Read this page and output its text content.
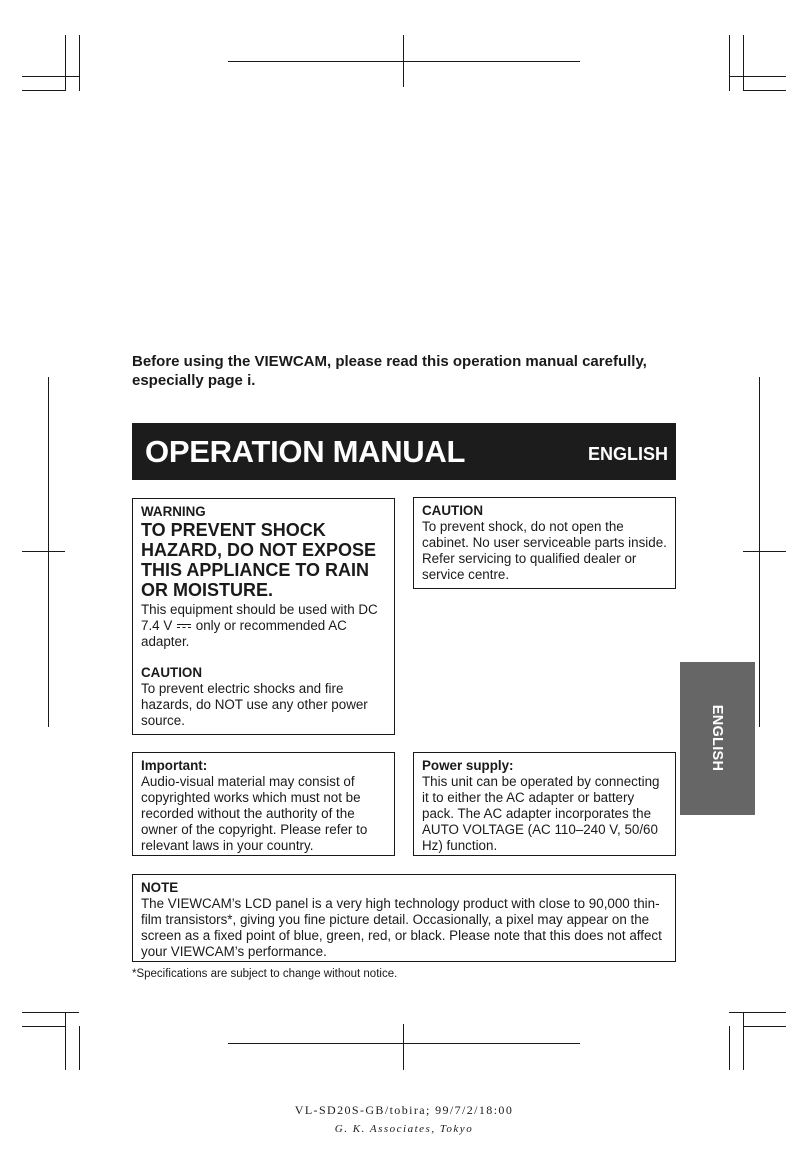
Before using the VIEWCAM, please read this operation manual carefully,
especially page i.
OPERATION MANUAL	ENGLISH
WARNING
TO PREVENT SHOCK HAZARD, DO NOT EXPOSE THIS APPLIANCE TO RAIN OR MOISTURE.

This equipment should be used with DC 7.4 V only or recommended AC adapter.

CAUTION

To prevent electric shocks and fire hazards, do NOT use any other power source.

CAUTION

To prevent shock, do not open the cabinet. No user serviceable parts inside. Refer servicing to qualified dealer or service centre.

Important:

Audio-visual material may consist of copyrighted works which must not be recorded without the authority of the owner of the copyright. Please refer to relevant laws in your country.

Power supply:

This unit can be operated by connecting it to either the AC adapter or battery pack. The AC adapter incorporates the AUTO VOLTAGE (AC 110–240 V, 50/60 Hz) function.

NOTE

The VIEWCAM’s LCD panel is a very high technology product with close to 90,000 thin-film transistors*, giving you fine picture detail. Occasionally, a pixel may appear on the screen as a fixed point of blue, green, red, or black. Please note that this does not affect your VIEWCAM’s performance.

*Specifications are subject to change without notice.
ENGLISH
VL-SD20S-GB/tobira; 99/7/2/18:00
G. K. Associates, Tokyo
